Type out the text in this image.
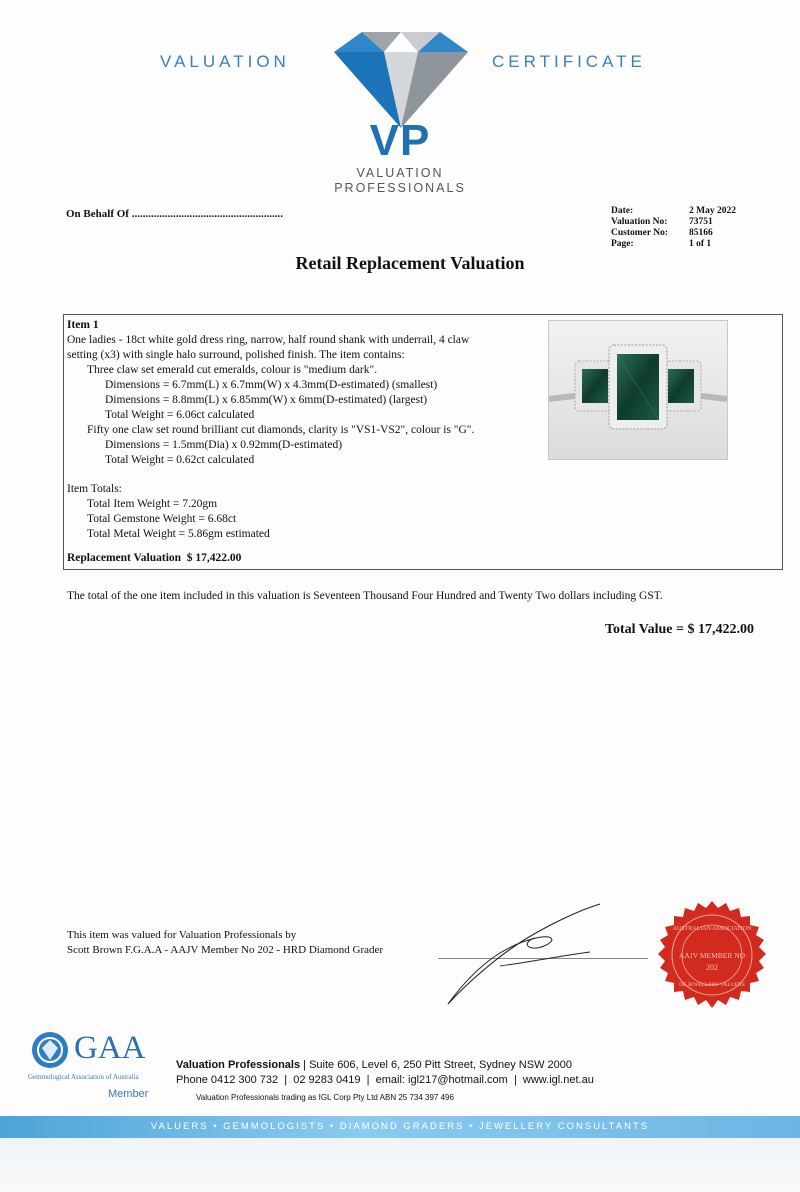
VALUATION	CERTIFICATE
VP
VALUATION
PROFESSIONALS
On Behalf Of .......................................................	Date:	2 May 2022
Valuation No:	73751
Customer No:	85166
Page:	1 of 1
Retail Replacement Valuation
Item 1
One ladies - 18ct white gold dress ring, narrow, half round shank with underrail, 4 claw
setting (x3) with single halo surround, polished finish. The item contains:
Three claw set emerald cut emeralds, colour is "medium dark".
Dimensions = 6.7mm(L) x 6.7mm(W) x 4.3mm(D-estimated) (smallest)
Dimensions = 8.8mm(L) x 6.85mm(W) x 6mm(D-estimated) (largest)
Total Weight = 6.06ct calculated
Fifty one claw set round brilliant cut diamonds, clarity is "VS1-VS2", colour is "G".
Dimensions = 1.5mm(Dia) x 0.92mm(D-estimated)
Total Weight = 0.62ct calculated
Item Totals:
Total Item Weight = 7.20gm
Total Gemstone Weight = 6.68ct
Total Metal Weight = 5.86gm estimated
Replacement Valuation  $ 17,422.00
The total of the one item included in this valuation is Seventeen Thousand Four Hundred and Twenty Two dollars including GST.
Total Value = $ 17,422.00
This item was valued for Valuation Professionals by
Scott Brown F.G.A.A - AAJV Member No 202 - HRD Diamond Grader
AUSTRALIAN ASSOCIATION
AAJV MEMBER NO
202
OF JEWELLERY VALUERS
GAA
Gemmological Association of Australia
Member
Valuation Professionals | Suite 606, Level 6, 250 Pitt Street, Sydney NSW 2000
Phone 0412 300 732  |  02 9283 0419  |  email: igl217@hotmail.com  |  www.igl.net.au
Valuation Professionals trading as IGL Corp Pty Ltd ABN 25 734 397 496
VALUERS • GEMMOLOGISTS • DIAMOND GRADERS • JEWELLERY CONSULTANTS
